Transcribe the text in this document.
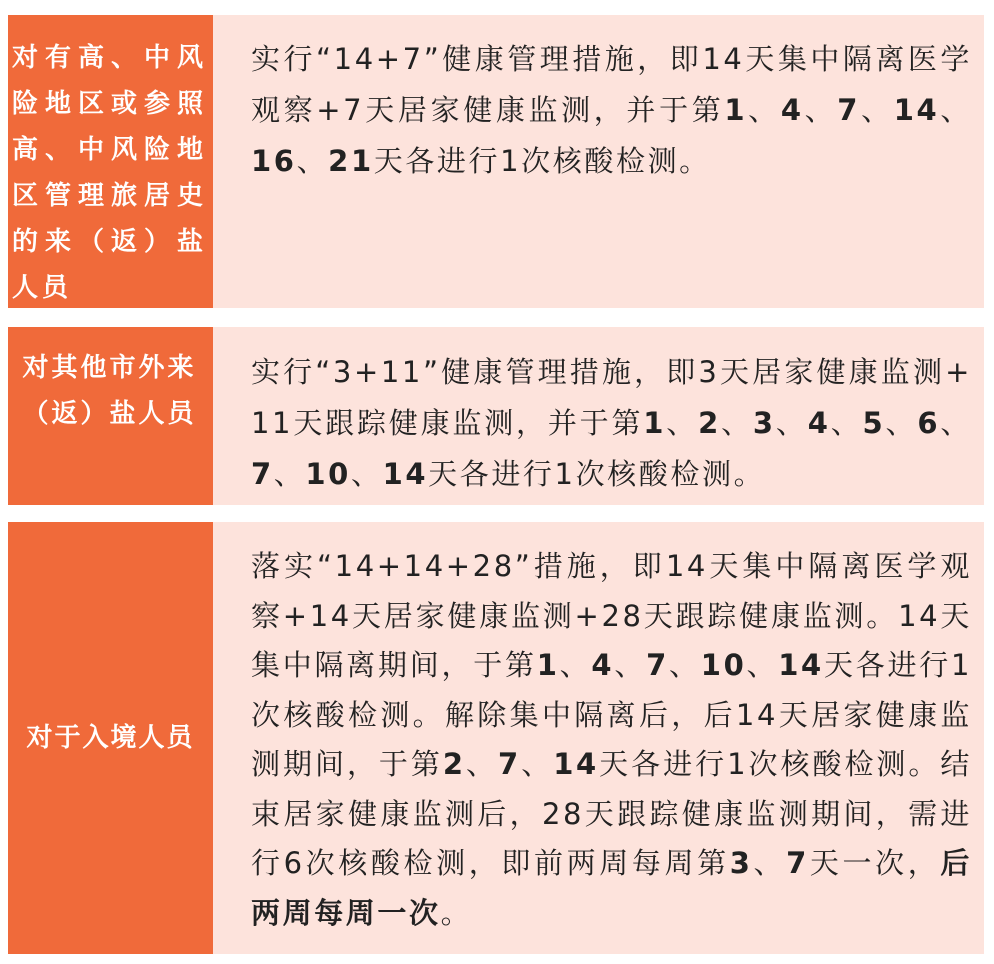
对有高、中风险地区或参照高、中风险地区管理旅居史的来（返）盐人员
实行“14+7”健康管理措施，即14天集中隔离医学观察+7天居家健康监测，并于第1、4、7、14、16、21天各进行1次核酸检测。
对其他市外来（返）盐人员
实行“3+11”健康管理措施，即3天居家健康监测+11天跟踪健康监测，并于第1、2、3、4、5、6、7、10、14天各进行1次核酸检测。
对于入境人员
落实“14+14+28”措施，即14天集中隔离医学观察+14天居家健康监测+28天跟踪健康监测。14天集中隔离期间，于第1、4、7、10、14天各进行1次核酸检测。解除集中隔离后，后14天居家健康监测期间，于第2、7、14天各进行1次核酸检测。结束居家健康监测后，28天跟踪健康监测期间，需进行6次核酸检测，即前两周每周第3、7天一次，后两周每周一次。
